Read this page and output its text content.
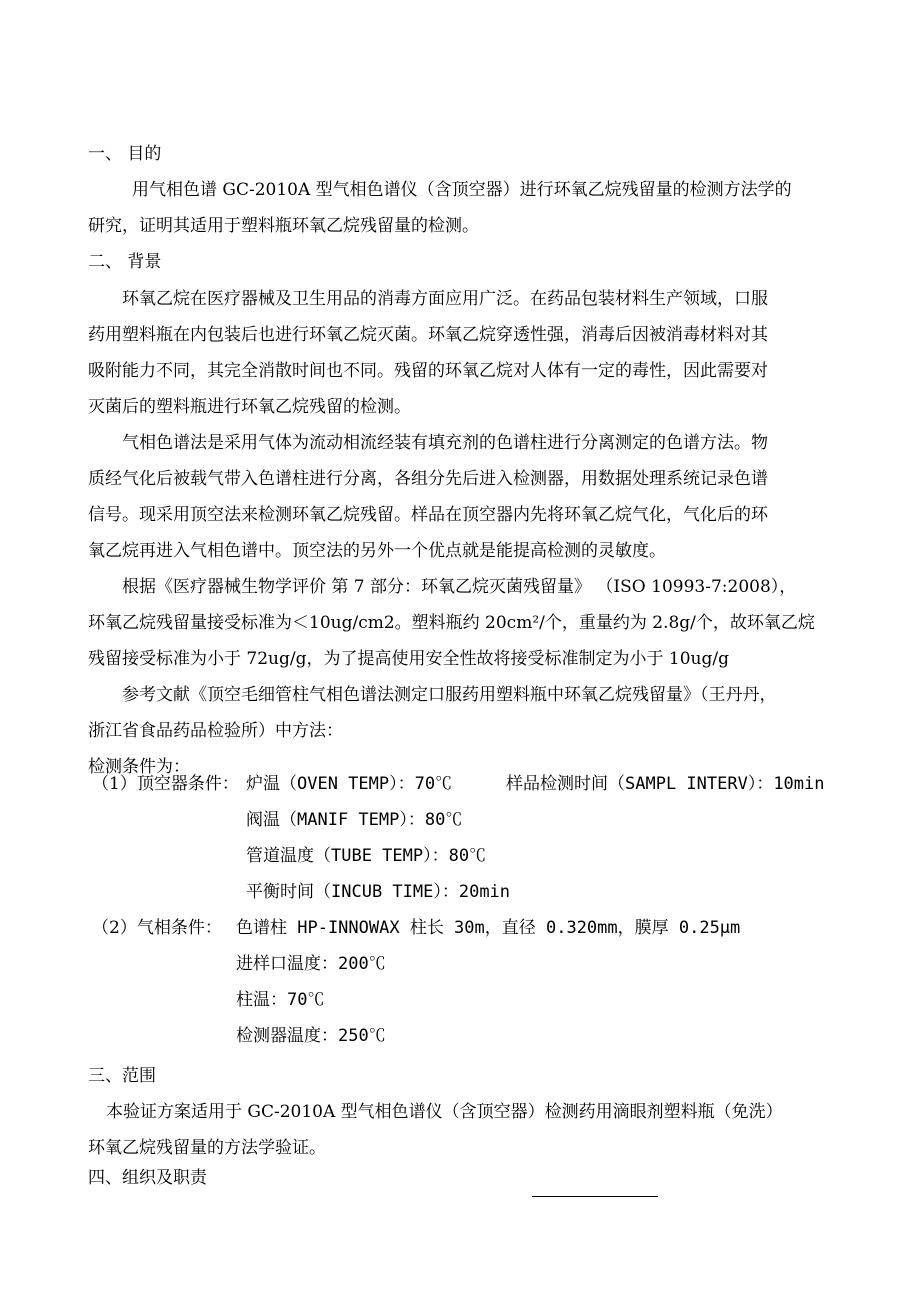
一、 目的
用气相色谱 GC-2010A 型气相色谱仪（含顶空器）进行环氧乙烷残留量的检测方法学的
研究，证明其适用于塑料瓶环氧乙烷残留量的检测。
二、 背景
环氧乙烷在医疗器械及卫生用品的消毒方面应用广泛。在药品包装材料生产领域，口服
药用塑料瓶在内包装后也进行环氧乙烷灭菌。环氧乙烷穿透性强，消毒后因被消毒材料对其
吸附能力不同，其完全消散时间也不同。残留的环氧乙烷对人体有一定的毒性，因此需要对
灭菌后的塑料瓶进行环氧乙烷残留的检测。
气相色谱法是采用气体为流动相流经装有填充剂的色谱柱进行分离测定的色谱方法。物
质经气化后被载气带入色谱柱进行分离，各组分先后进入检测器，用数据处理系统记录色谱
信号。现采用顶空法来检测环氧乙烷残留。样品在顶空器内先将环氧乙烷气化，气化后的环
氧乙烷再进入气相色谱中。顶空法的另外一个优点就是能提高检测的灵敏度。
根据《医疗器械生物学评价 第 7 部分：环氧乙烷灭菌残留量》 （ISO 10993-7:2008），
环氧乙烷残留量接受标准为＜10ug/cm2。塑料瓶约 20cm²/个，重量约为 2.8g/个，故环氧乙烷
残留接受标准为小于 72ug/g，为了提高使用安全性故将接受标准制定为小于 10ug/g
参考文献《顶空毛细管柱气相色谱法测定口服药用塑料瓶中环氧乙烷残留量》（王丹丹，
浙江省食品药品检验所）中方法：
检测条件为：
（1）顶空器条件： 炉温（OVEN TEMP）：70℃	样品检测时间（SAMPL INTERV）：10min
阀温（MANIF TEMP）：80℃
管道温度（TUBE TEMP）：80℃
平衡时间（INCUB TIME）：20min
（2）气相条件： 色谱柱 HP-INNOWAX 柱长 30m，直径 0.320mm，膜厚 0.25μm
进样口温度：200℃
柱温：70℃
检测器温度：250℃
三、范围
本验证方案适用于 GC-2010A 型气相色谱仪（含顶空器）检测药用滴眼剂塑料瓶（免洗）
环氧乙烷残留量的方法学验证。
四、组织及职责
